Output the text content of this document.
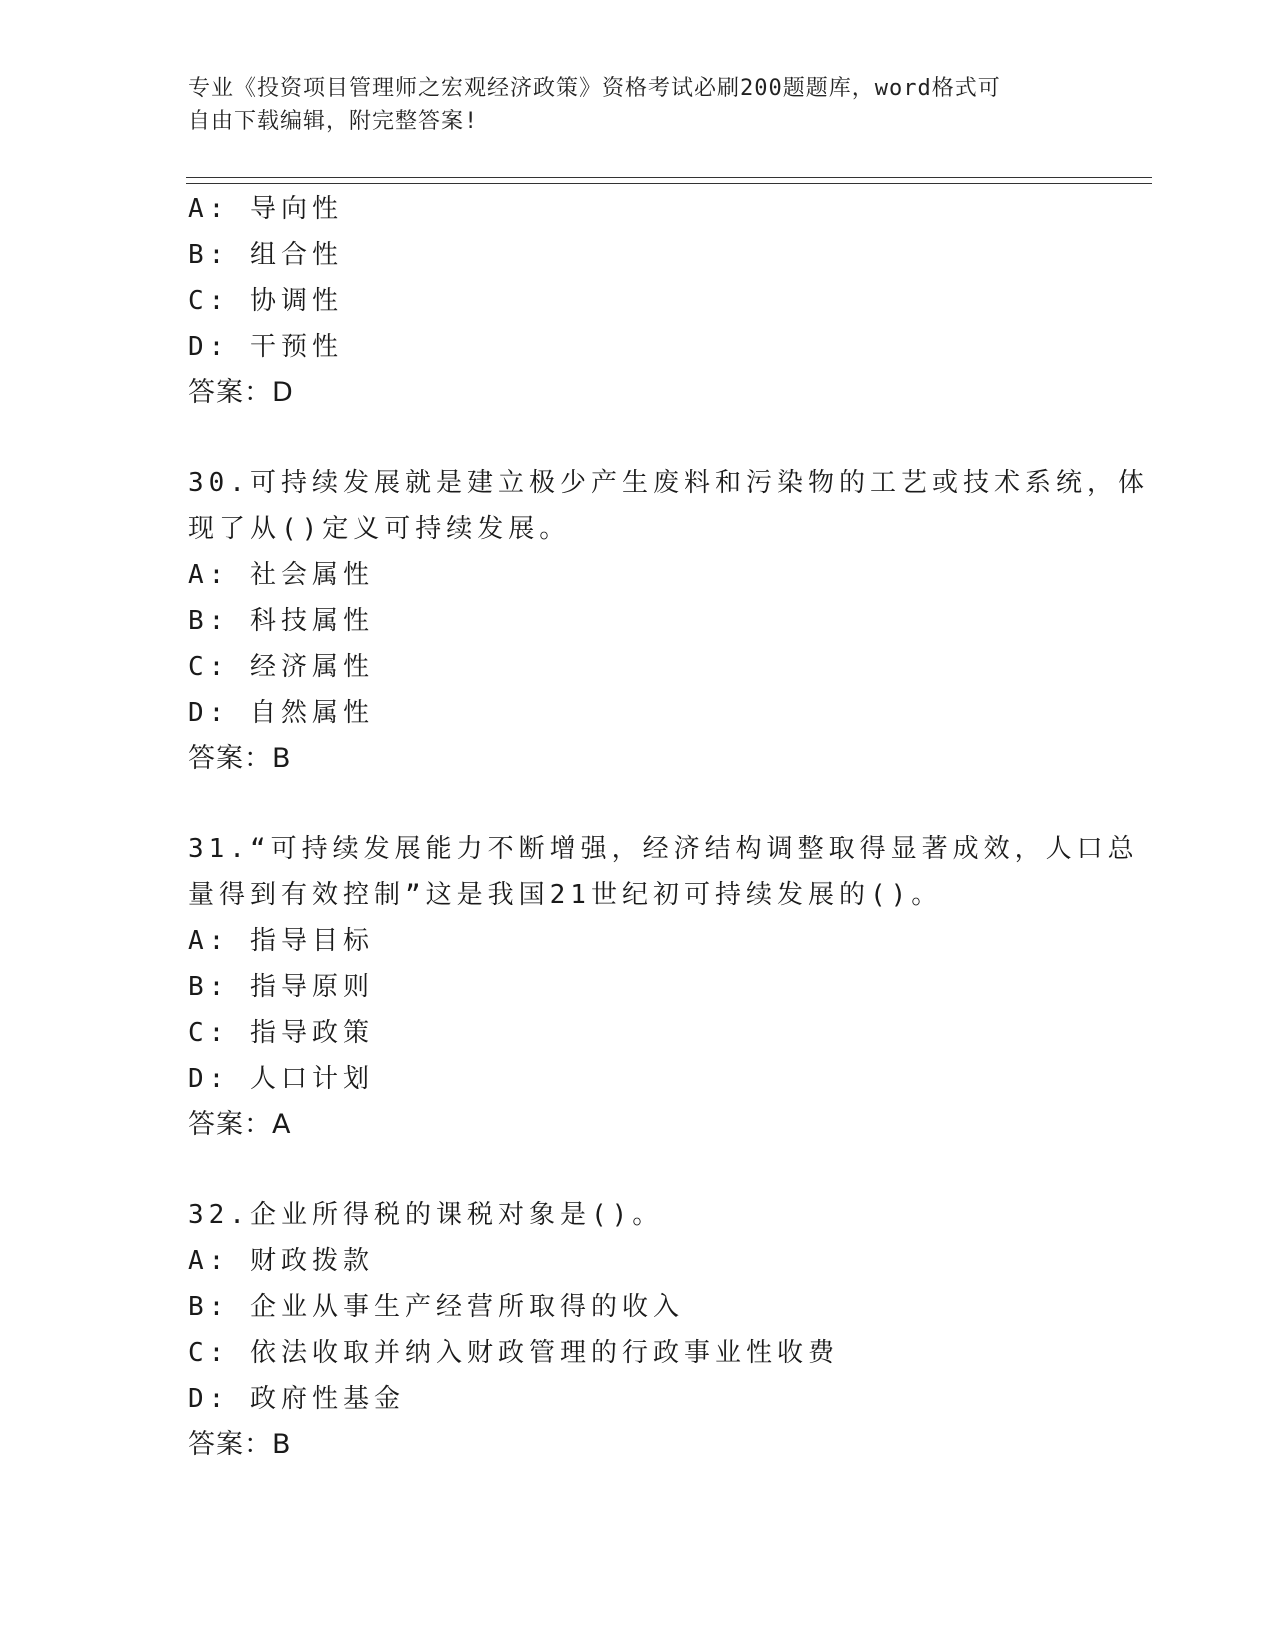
专业《投资项目管理师之宏观经济政策》资格考试必刷200题题库，word格式可
自由下载编辑，附完整答案!
A: 导向性
B: 组合性
C: 协调性
D: 干预性
答案：D
30.可持续发展就是建立极少产生废料和污染物的工艺或技术系统，体
现了从()定义可持续发展。
A: 社会属性
B: 科技属性
C: 经济属性
D: 自然属性
答案：B
31.“可持续发展能力不断增强，经济结构调整取得显著成效，人口总
量得到有效控制”这是我国21世纪初可持续发展的()。
A: 指导目标
B: 指导原则
C: 指导政策
D: 人口计划
答案：A
32.企业所得税的课税对象是()。
A: 财政拨款
B: 企业从事生产经营所取得的收入
C: 依法收取并纳入财政管理的行政事业性收费
D: 政府性基金
答案：B
